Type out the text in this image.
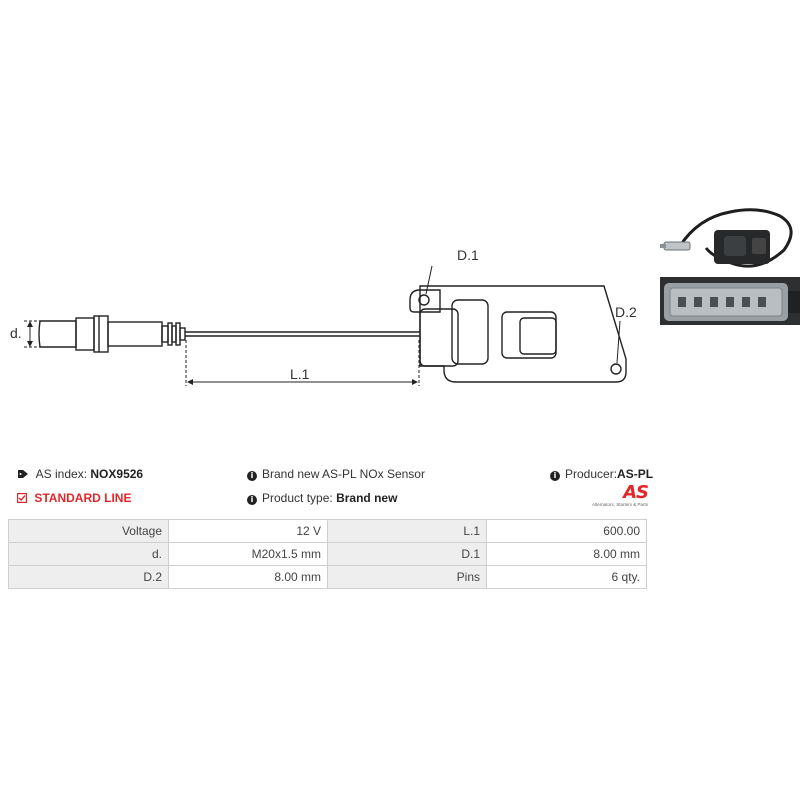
d.
D.1
D.2
L.1
AS index: NOX9526
STANDARD LINE
i Brand new AS-PL NOx Sensor
i Product type: Brand new
i Producer:AS-PL
AS
Alternators, Starters & Parts
Voltage	12 V	L.1	600.00
d.	M20x1.5 mm	D.1	8.00 mm
D.2	8.00 mm	Pins	6 qty.
